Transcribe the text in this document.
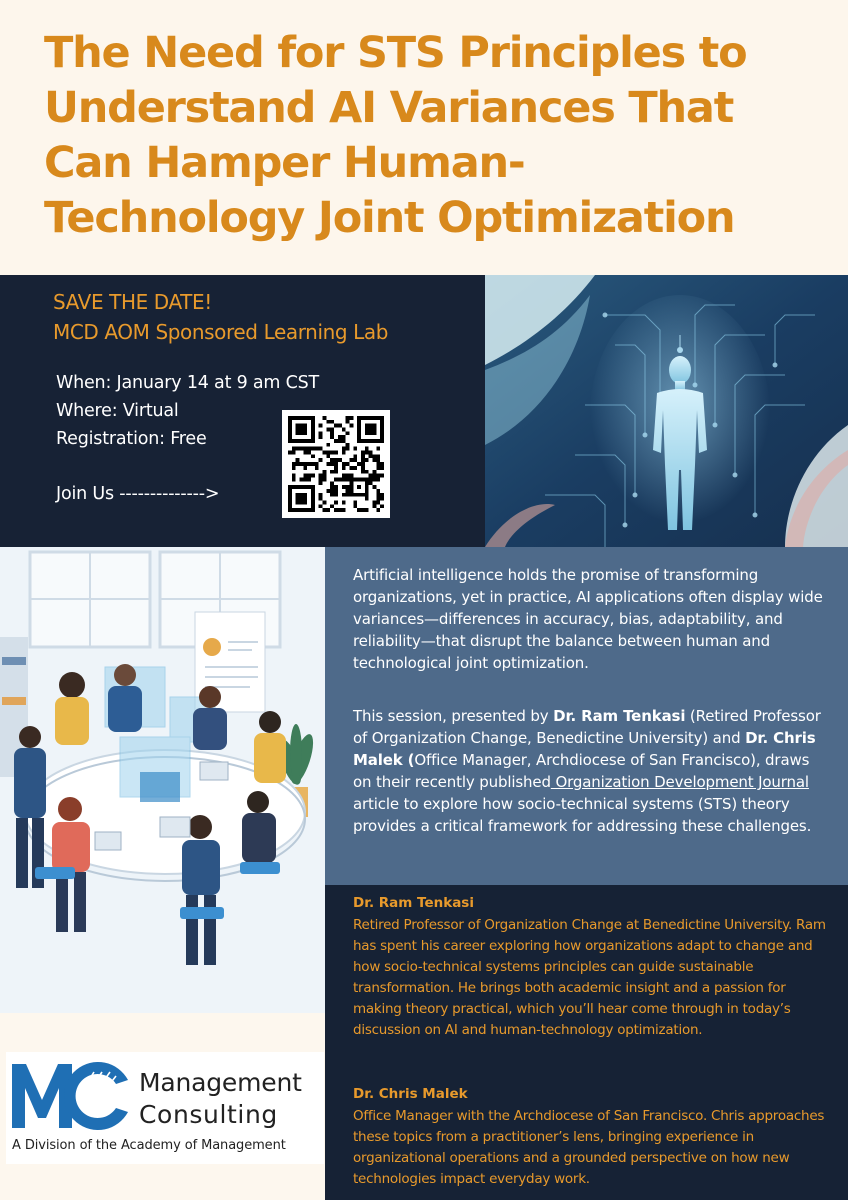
The Need for STS Principles to
Understand AI Variances That
Can Hamper Human-
Technology Joint Optimization
SAVE THE DATE!
MCD AOM Sponsored Learning Lab
When: January 14 at 9 am CST
Where: Virtual
Registration: Free
Join Us -------------->

Artificial intelligence holds the promise of transforming organizations, yet in practice, AI applications often display wide variances—differences in accuracy, bias, adaptability, and reliability—that disrupt the balance between human and technological joint optimization.

This session, presented by Dr. Ram Tenkasi (Retired Professor of Organization Change, Benedictine University) and Dr. Chris Malek (Office Manager, Archdiocese of San Francisco), draws on their recently published Organization Development Journal article to explore how socio-technical systems (STS) theory provides a critical framework for addressing these challenges.

Dr. Ram Tenkasi

Retired Professor of Organization Change at Benedictine University. Ram has spent his career exploring how organizations adapt to change and how socio-technical systems principles can guide sustainable transformation. He brings both academic insight and a passion for making theory practical, which you’ll hear come through in today’s discussion on AI and human-technology optimization.

Dr. Chris Malek

Office Manager with the Archdiocese of San Francisco. Chris approaches these topics from a practitioner’s lens, bringing experience in organizational operations and a grounded perspective on how new technologies impact everyday work.

MC
Management
Consulting
A Division of the Academy of Management
